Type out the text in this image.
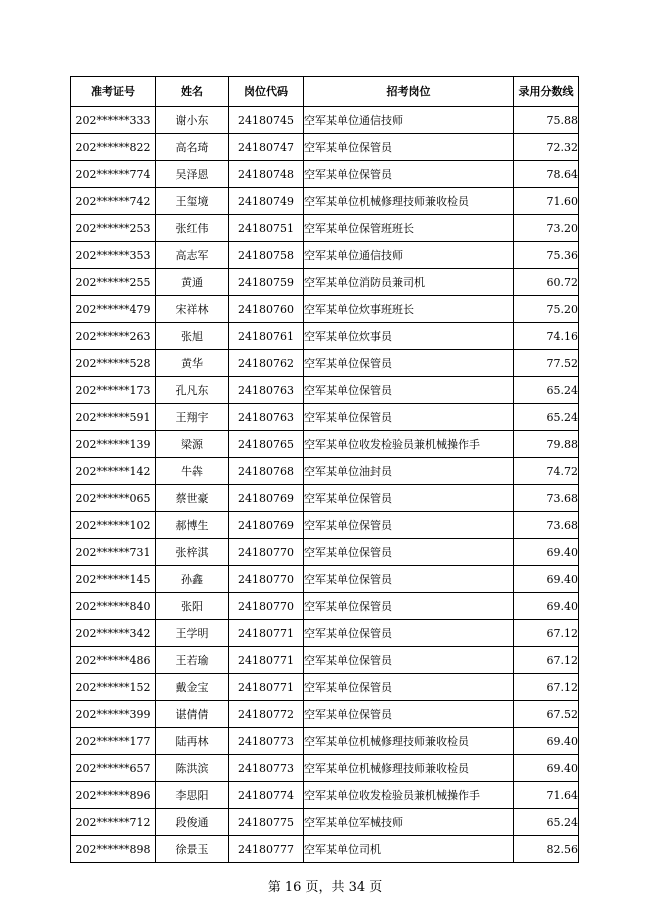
准考证号	姓名	岗位代码	招考岗位	录用分数线
202******333	谢小东	24180745	空军某单位通信技师	75.88
202******822	高名琦	24180747	空军某单位保管员	72.32
202******774	吴泽恩	24180748	空军某单位保管员	78.64
202******742	王玺境	24180749	空军某单位机械修理技师兼收检员	71.60
202******253	张红伟	24180751	空军某单位保管班班长	73.20
202******353	高志军	24180758	空军某单位通信技师	75.36
202******255	黄通	24180759	空军某单位消防员兼司机	60.72
202******479	宋祥林	24180760	空军某单位炊事班班长	75.20
202******263	张旭	24180761	空军某单位炊事员	74.16
202******528	黄华	24180762	空军某单位保管员	77.52
202******173	孔凡东	24180763	空军某单位保管员	65.24
202******591	王翔宇	24180763	空军某单位保管员	65.24
202******139	梁源	24180765	空军某单位收发检验员兼机械操作手	79.88
202******142	牛犇	24180768	空军某单位油封员	74.72
202******065	蔡世豪	24180769	空军某单位保管员	73.68
202******102	郝博生	24180769	空军某单位保管员	73.68
202******731	张梓淇	24180770	空军某单位保管员	69.40
202******145	孙鑫	24180770	空军某单位保管员	69.40
202******840	张阳	24180770	空军某单位保管员	69.40
202******342	王学明	24180771	空军某单位保管员	67.12
202******486	王若瑜	24180771	空军某单位保管员	67.12
202******152	戴金宝	24180771	空军某单位保管员	67.12
202******399	谌倩倩	24180772	空军某单位保管员	67.52
202******177	陆再林	24180773	空军某单位机械修理技师兼收检员	69.40
202******657	陈洪滨	24180773	空军某单位机械修理技师兼收检员	69.40
202******896	李思阳	24180774	空军某单位收发检验员兼机械操作手	71.64
202******712	段俊通	24180775	空军某单位军械技师	65.24
202******898	徐景玉	24180777	空军某单位司机	82.56
第 16 页，共 34 页
